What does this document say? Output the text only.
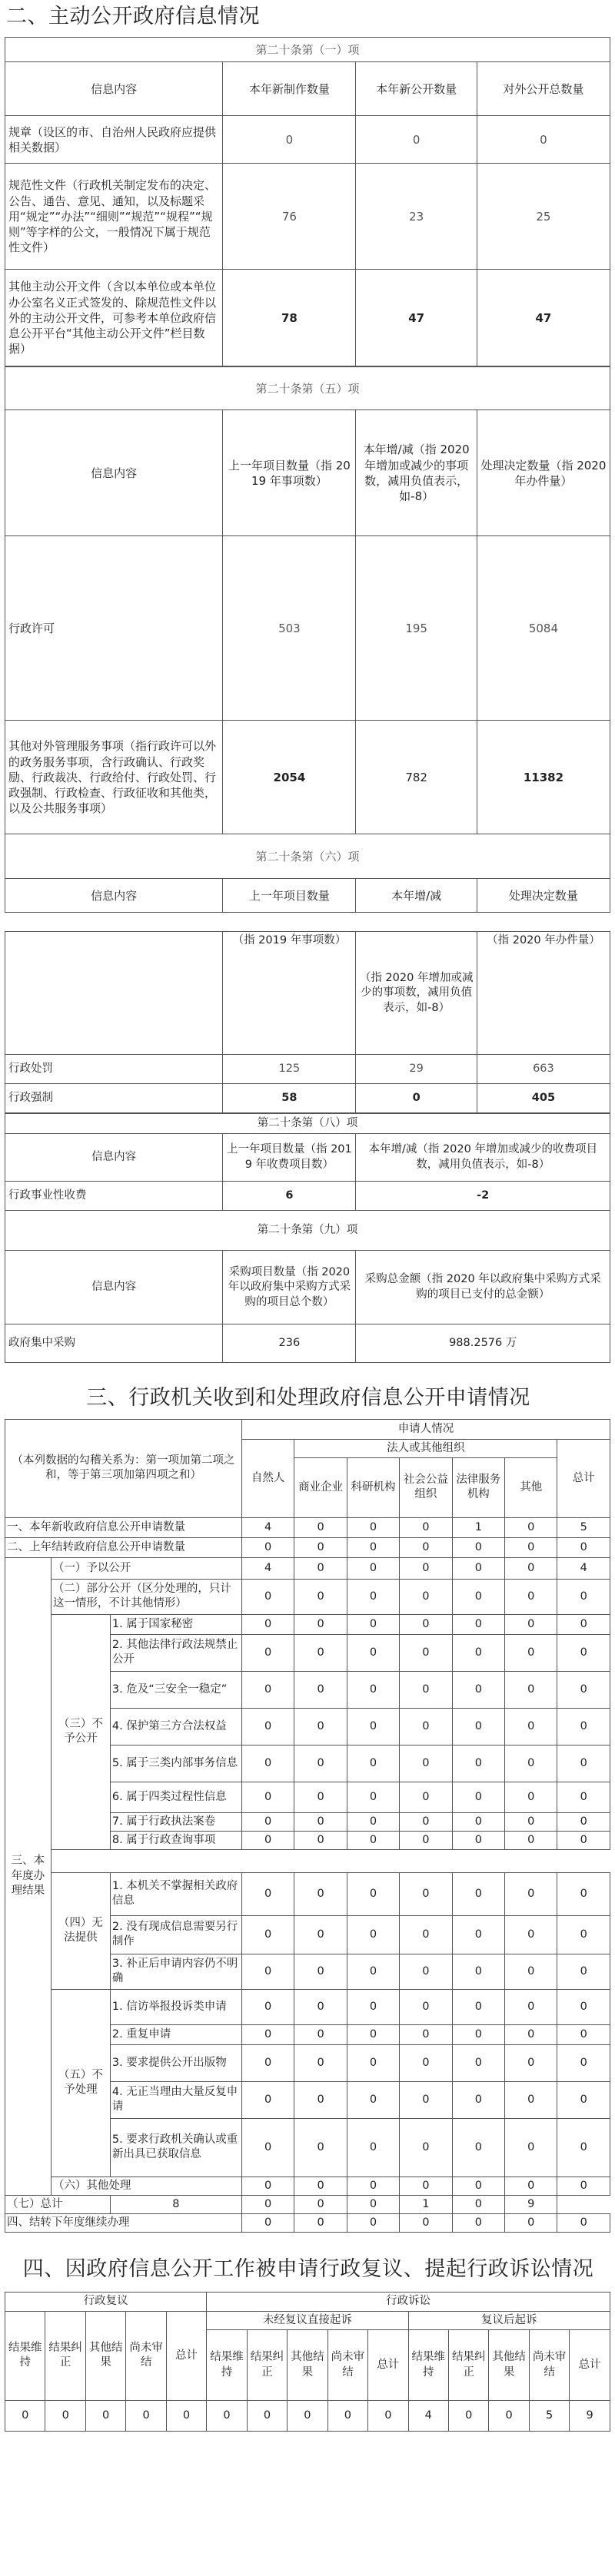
二、主动公开政府信息情况
第二十条第（一）项			
信息内容	本年新制作数量	本年新公开数量	对外公开总数量
规章（设区的市、自治州人民政府应提供相关数据）	0	0	0
规范性文件（行政机关制定发布的决定、公告、通告、意见、通知，以及标题采用“规定”“办法”“细则”“规范”“规程”“规则”等字样的公文，一般情况下属于规范性文件）	76	23	25
其他主动公开文件（含以本单位或本单位办公室名义正式签发的、除规范性文件以外的主动公开文件，可参考本单位政府信息公开平台“其他主动公开文件”栏目数据）	78	47	47
第二十条第（五）项			
信息内容	上一年项目数量（指 2019 年事项数）	本年增/减（指 2020 年增加或减少的事项数，减用负值表示，如-8）	处理决定数量（指 2020 年办件量）
行政许可	503	195	5084
其他对外管理服务事项（指行政许可以外的政务服务事项，含行政确认、行政奖励、行政裁决、行政给付、行政处罚、行政强制、行政检查、行政征收和其他类，以及公共服务事项）	2054	782	11382
第二十条第（六）项			
信息内容	上一年项目数量	本年增/减	处理决定数量
	（指 2019 年事项数）	（指 2020 年增加或减少的事项数，减用负值表示，如-8）	（指 2020 年办件量）
行政处罚	125	29	663
行政强制	58	0	405
第二十条第（八）项		
信息内容	上一年项目数量（指 2019 年收费项目数）	本年增/减（指 2020 年增加或减少的收费项目数，减用负值表示，如-8）
行政事业性收费	6	-2
第二十条第（九）项		
信息内容	采购项目数量（指 2020 年以政府集中采购方式采购的项目总个数）	采购总金额（指 2020 年以政府集中采购方式采购的项目已支付的总金额）
政府集中采购	236	988.2576 万
三、行政机关收到和处理政府信息公开申请情况
（本列数据的勾稽关系为：第一项加第二项之和，等于第三项加第四项之和）			申请人情况						
			自然人	法人或其他组织					总计
				商业企业	科研机构	社会公益组织	法律服务机构	其他	
一、本年新收政府信息公开申请数量			4	0	0	0	1	0	5
二、上年结转政府信息公开申请数量			0	0	0	0	0	0	0
三、本年度办理结果	（一）予以公开		4	0	0	0	0	0	4
	（二）部分公开（区分处理的，只计这一情形，不计其他情形）		0	0	0	0	0	0	0
	（三）不予公开	1. 属于国家秘密	0	0	0	0	0	0	0
		2. 其他法律行政法规禁止公开	0	0	0	0	0	0	0
		3. 危及“三安全一稳定”	0	0	0	0	0	0	0
		4. 保护第三方合法权益	0	0	0	0	0	0	0
		5. 属于三类内部事务信息	0	0	0	0	0	0	0
		6. 属于四类过程性信息	0	0	0	0	0	0	0
		7. 属于行政执法案卷	0	0	0	0	0	0	0
		8. 属于行政查询事项	0	0	0	0	0	0	0

	（四）无法提供	1. 本机关不掌握相关政府信息	0	0	0	0	0	0	0
		2. 没有现成信息需要另行制作	0	0	0	0	0	0	0
		3. 补正后申请内容仍不明确	0	0	0	0	0	0	0
	（五）不予处理	1. 信访举报投诉类申请	0	0	0	0	0	0	0
		2. 重复申请	0	0	0	0	0	0	0
		3. 要求提供公开出版物	0	0	0	0	0	0	0
		4. 无正当理由大量反复申请	0	0	0	0	0	0	0
		5. 要求行政机关确认或重新出具已获取信息	0	0	0	0	0	0	0
	（六）其他处理		0	0	0	0	0	0	0
（七）总计		8	0	0	0	1	0	9	
四、结转下年度继续办理			0	0	0	0	0	0	0
四、因政府信息公开工作被申请行政复议、提起行政诉讼情况
行政复议					行政诉讼									
结果维持	结果纠正	其他结果	尚未审结	总计	未经复议直接起诉					复议后起诉				
					结果维持	结果纠正	其他结果	尚未审结	总计	结果维持	结果纠正	其他结果	尚未审结	总计
0	0	0	0	0	0	0	0	0	0	4	0	0	5	9
